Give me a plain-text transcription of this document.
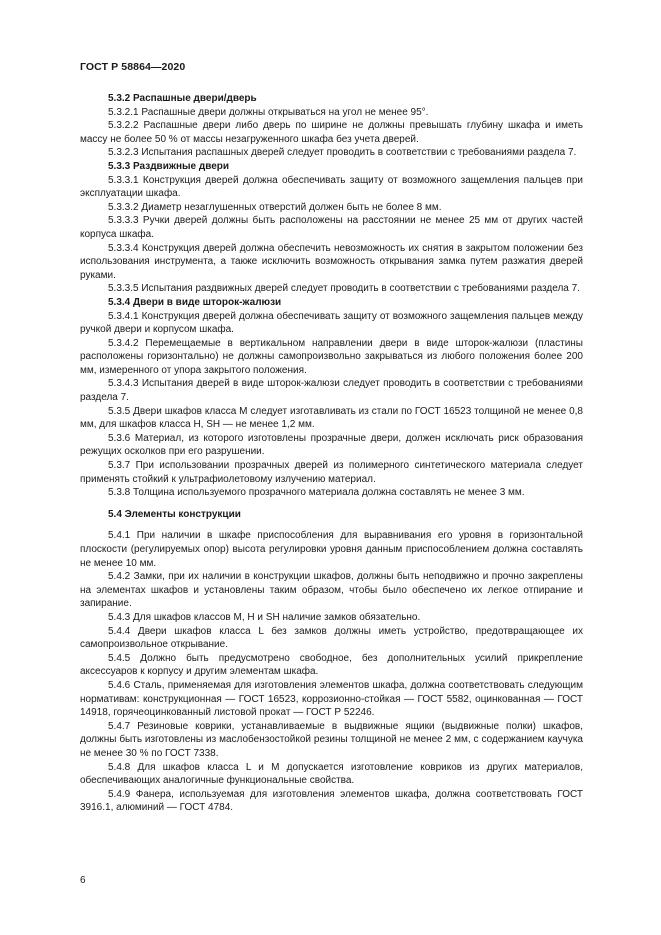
ГОСТ Р 58864—2020
5.3.2 Распашные двери/дверь
5.3.2.1 Распашные двери должны открываться на угол не менее 95°.
5.3.2.2 Распашные двери либо дверь по ширине не должны превышать глубину шкафа и иметь массу не более 50 % от массы незагруженного шкафа без учета дверей.
5.3.2.3 Испытания распашных дверей следует проводить в соответствии с требованиями раздела 7.
5.3.3 Раздвижные двери
5.3.3.1 Конструкция дверей должна обеспечивать защиту от возможного защемления пальцев при эксплуатации шкафа.
5.3.3.2 Диаметр незаглушенных отверстий должен быть не более 8 мм.
5.3.3.3 Ручки дверей должны быть расположены на расстоянии не менее 25 мм от других частей корпуса шкафа.
5.3.3.4 Конструкция дверей должна обеспечить невозможность их снятия в закрытом положении без использования инструмента, а также исключить возможность открывания замка путем разжатия дверей руками.
5.3.3.5 Испытания раздвижных дверей следует проводить в соответствии с требованиями раздела 7.
5.3.4 Двери в виде шторок-жалюзи
5.3.4.1 Конструкция дверей должна обеспечивать защиту от возможного защемления пальцев между ручкой двери и корпусом шкафа.
5.3.4.2 Перемещаемые в вертикальном направлении двери в виде шторок-жалюзи (пластины расположены горизонтально) не должны самопроизвольно закрываться из любого положения более 200 мм, измеренного от упора закрытого положения.
5.3.4.3 Испытания дверей в виде шторок-жалюзи следует проводить в соответствии с требованиями раздела 7.
5.3.5 Двери шкафов класса M следует изготавливать из стали по ГОСТ 16523 толщиной не менее 0,8 мм, для шкафов класса H, SH — не менее 1,2 мм.
5.3.6 Материал, из которого изготовлены прозрачные двери, должен исключать риск образования режущих осколков при его разрушении.
5.3.7 При использовании прозрачных дверей из полимерного синтетического материала следует применять стойкий к ультрафиолетовому излучению материал.
5.3.8 Толщина используемого прозрачного материала должна составлять не менее 3 мм.
5.4 Элементы конструкции
5.4.1 При наличии в шкафе приспособления для выравнивания его уровня в горизонтальной плоскости (регулируемых опор) высота регулировки уровня данным приспособлением должна составлять не менее 10 мм.
5.4.2 Замки, при их наличии в конструкции шкафов, должны быть неподвижно и прочно закреплены на элементах шкафов и установлены таким образом, чтобы было обеспечено их легкое отпирание и запирание.
5.4.3 Для шкафов классов M, H и SH наличие замков обязательно.
5.4.4 Двери шкафов класса L без замков должны иметь устройство, предотвращающее их самопроизвольное открывание.
5.4.5 Должно быть предусмотрено свободное, без дополнительных усилий прикрепление аксессуаров к корпусу и другим элементам шкафа.
5.4.6 Сталь, применяемая для изготовления элементов шкафа, должна соответствовать следующим нормативам: конструкционная — ГОСТ 16523, коррозионно-стойкая — ГОСТ 5582, оцинкованная — ГОСТ 14918, горячеоцинкованный листовой прокат — ГОСТ Р 52246.
5.4.7 Резиновые коврики, устанавливаемые в выдвижные ящики (выдвижные полки) шкафов, должны быть изготовлены из маслобензостойкой резины толщиной не менее 2 мм, с содержанием каучука не менее 30 % по ГОСТ 7338.
5.4.8 Для шкафов класса L и M допускается изготовление ковриков из других материалов, обеспечивающих аналогичные функциональные свойства.
5.4.9 Фанера, используемая для изготовления элементов шкафа, должна соответствовать ГОСТ 3916.1, алюминий — ГОСТ 4784.
6
